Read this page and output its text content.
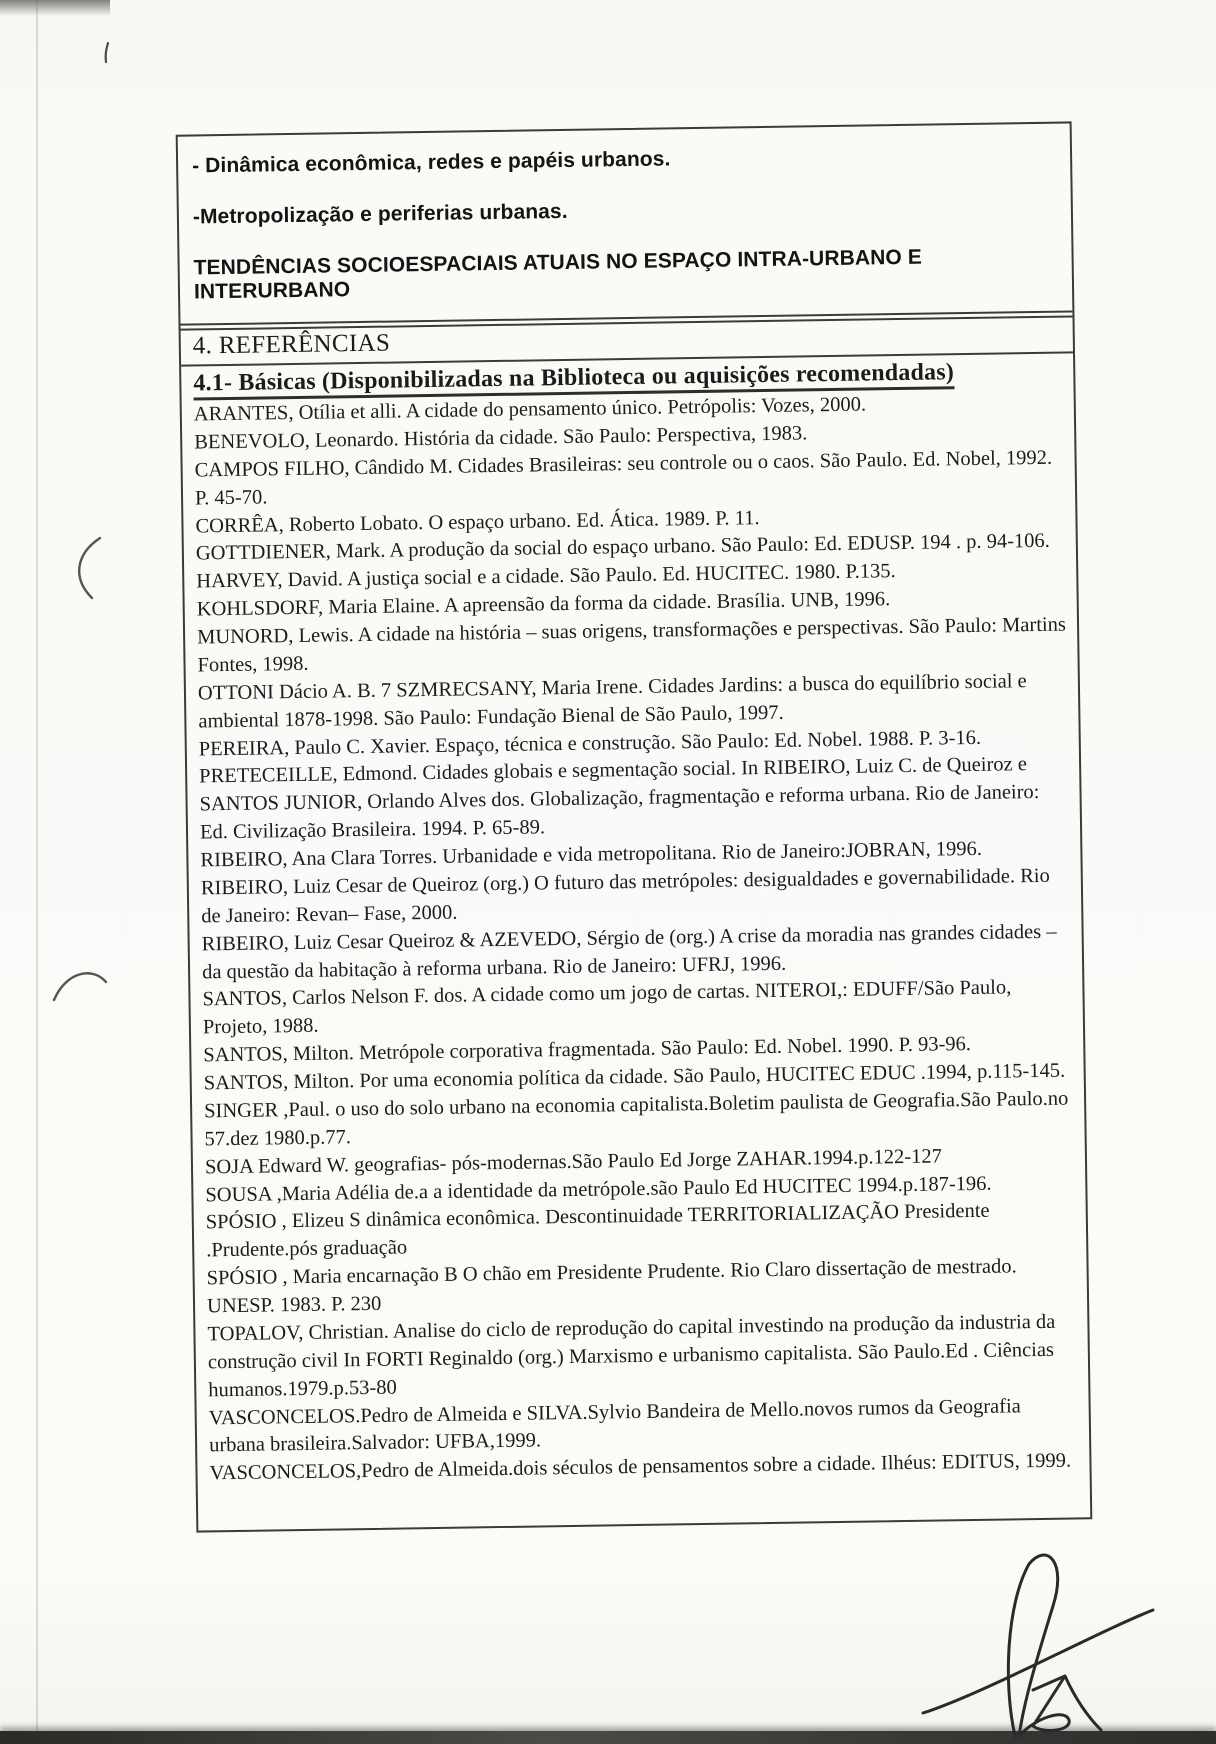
- Dinâmica econômica, redes e papéis urbanos.
-Metropolização e periferias urbanas.
TENDÊNCIAS SOCIOESPACIAIS ATUAIS NO ESPAÇO INTRA-URBANO E INTERURBANO
4. REFERÊNCIAS
4.1- Básicas (Disponibilizadas na Biblioteca ou aquisições recomendadas)
ARANTES, Otília et alli. A cidade do pensamento único. Petrópolis: Vozes, 2000.
BENEVOLO, Leonardo. História da cidade. São Paulo: Perspectiva, 1983.
CAMPOS FILHO, Cândido M. Cidades Brasileiras: seu controle ou o caos. São Paulo. Ed. Nobel, 1992. P. 45-70.
CORRÊA, Roberto Lobato. O espaço urbano. Ed. Ática. 1989. P. 11.
GOTTDIENER, Mark. A produção da social do espaço urbano. São Paulo: Ed. EDUSP. 194 . p. 94-106.
HARVEY, David. A justiça social e a cidade. São Paulo. Ed. HUCITEC. 1980. P.135.
KOHLSDORF, Maria Elaine. A apreensão da forma da cidade. Brasília. UNB, 1996.
MUNORD, Lewis. A cidade na história – suas origens, transformações e perspectivas. São Paulo: Martins Fontes, 1998.
OTTONI Dácio A. B. 7 SZMRECSANY, Maria Irene. Cidades Jardins: a busca do equilíbrio social e ambiental 1878-1998. São Paulo: Fundação Bienal de São Paulo, 1997.
PEREIRA, Paulo C. Xavier. Espaço, técnica e construção. São Paulo: Ed. Nobel. 1988. P. 3-16.
PRETECEILLE, Edmond. Cidades globais e segmentação social. In RIBEIRO, Luiz C. de Queiroz e SANTOS JUNIOR, Orlando Alves dos. Globalização, fragmentação e reforma urbana. Rio de Janeiro: Ed. Civilização Brasileira. 1994. P. 65-89.
RIBEIRO, Ana Clara Torres. Urbanidade e vida metropolitana. Rio de Janeiro:JOBRAN, 1996.
RIBEIRO, Luiz Cesar de Queiroz (org.) O futuro das metrópoles: desigualdades e governabilidade. Rio de Janeiro: Revan– Fase, 2000.
RIBEIRO, Luiz Cesar Queiroz & AZEVEDO, Sérgio de (org.) A crise da moradia nas grandes cidades – da questão da habitação à reforma urbana. Rio de Janeiro: UFRJ, 1996.
SANTOS, Carlos Nelson F. dos. A cidade como um jogo de cartas. NITEROI,: EDUFF/São Paulo, Projeto, 1988.
SANTOS, Milton. Metrópole corporativa fragmentada. São Paulo: Ed. Nobel. 1990. P. 93-96.
SANTOS, Milton. Por uma economia política da cidade. São Paulo, HUCITEC EDUC .1994, p.115-145.
SINGER ,Paul. o uso do solo urbano na economia capitalista.Boletim paulista de Geografia.São Paulo.no 57.dez 1980.p.77.
SOJA Edward W. geografias- pós-modernas.São Paulo Ed Jorge ZAHAR.1994.p.122-127
SOUSA ,Maria Adélia de.a a identidade da metrópole.são Paulo Ed HUCITEC 1994.p.187-196.
SPÓSIO , Elizeu S dinâmica econômica. Descontinuidade TERRITORIALIZAÇÃO Presidente .Prudente.pós graduação
SPÓSIO , Maria encarnação B O chão em Presidente Prudente. Rio Claro dissertação de mestrado. UNESP. 1983. P. 230
TOPALOV, Christian. Analise do ciclo de reprodução do capital investindo na produção da industria da construção civil In FORTI Reginaldo (org.) Marxismo e urbanismo capitalista. São Paulo.Ed . Ciências humanos.1979.p.53-80
VASCONCELOS.Pedro de Almeida e SILVA.Sylvio Bandeira de Mello.novos rumos da Geografia urbana brasileira.Salvador: UFBA,1999.
VASCONCELOS,Pedro de Almeida.dois séculos de pensamentos sobre a cidade. Ilhéus: EDITUS, 1999.
